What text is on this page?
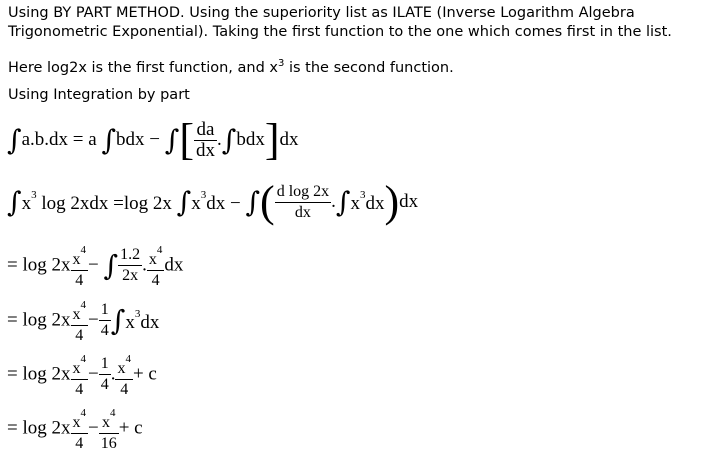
Using BY PART METHOD. Using the superiority list as ILATE (Inverse Logarithm Algebra Trigonometric Exponential). Taking the first function to the one which comes first in the list.
Here log2x is the first function, and $x^3$ is the second function.
Using Integration by part
∫a.b.dx = a ∫bdx − ∫[ $\frac{da}{dx} .\int bdx]dx$
$\int x^3$ log 2xdx =log 2x $\int x^3dx$ − ∫( $\frac{\text{d log 2x}}{dx} .\int x^3dx)dx$
= $\log 2x \frac{x^4}{4}$ − ∫ $\frac{1.2}{2x}$ . $\frac{x^4}{4}$ dx
= $\log 2x \frac{x^4}{4} - \frac{1}{4} \int x^3dx$
= $\log 2x \frac{x^4}{4} - \frac{1}{4}$ . $\frac{x^4}{4} + c$
= $\log 2x \frac{x^4}{4} - \frac{x^4}{16} + c$
